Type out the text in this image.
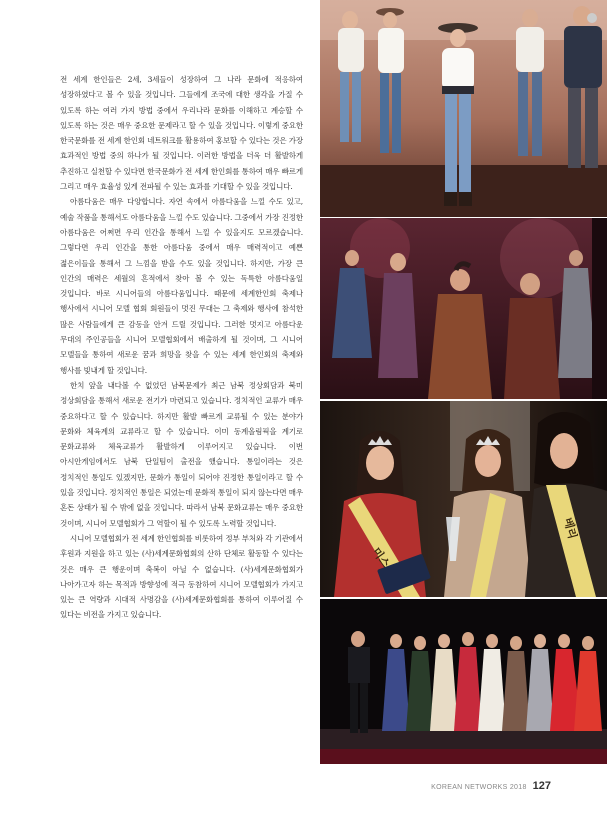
전 세계 한인들은 2세, 3세들이 성장하여 그 나라 문화에 적응하여 성장하였다고 볼 수 있을 것입니다. 그들에게 조국에 대한 생각을 가질 수 있도록 하는 여러 가지 방법 중에서 우리나라 문화를 이해하고 계승할 수 있도록 하는 것은 매우 중요한 문제라고 할 수 있을 것입니다. 이렇게 중요한 한국문화를 전 세계 한인회 네트워크를 활용하여 홍보할 수 있다는 것은 가장 효과적인 방법 중의 하나가 될 것입니다. 이러한 방법을 더욱 더 활발하게 추진하고 실천할 수 있다면 한국문화가 전 세계 한인회를 통하여 매우 빠르게 그리고 매우 효율성 있게 전파될 수 있는 효과를 기대할 수 있을 것입니다.

아름다움은 매우 다양합니다. 자연 속에서 아름다움을 느낄 수도 있고, 예술 작품을 통해서도 아름다움을 느낄 수도 있습니다. 그중에서 가장 진정한 아름다움은 어쩌면 우리 인간을 통해서 느낄 수 있을지도 모르겠습니다. 그렇다면 우리 인간을 통한 아름다움 중에서 매우 매력적이고 예쁜 젊은이들을 통해서 그 느낌을 받을 수도 있을 것입니다. 하지만, 가장 큰 인간의 매력은 세월의 흔적에서 찾아 볼 수 있는 독특한 아름다움일 것입니다. 바로 시니어들의 아름다움입니다. 때문에 세계한인회 축제나 행사에서 시니어 모델 협회 회원들이 멋진 무대는 그 축제와 행사에 참석한 많은 사람들에게 큰 감동을 안겨 드릴 것입니다. 그러한 멋지고 아름다운 무대의 주인공들을 시니어 모델협회에서 배출하게 될 것이며, 그 시니어 모델들을 통하여 새로운 꿈과 희망을 찾을 수 있는 세계 한인회의 축제와 행사를 빛내게 할 것입니다.

한치 앞을 내다볼 수 없었던 남북문제가 최근 남북 정상회담과 북미 정상회담을 통해서 새로운 전기가 마련되고 있습니다. 정치적인 교류가 매우 중요하다고 할 수 있습니다. 하지만 활발 빠르게 교류될 수 있는 분야가 문화와 체육계의 교류라고 할 수 있습니다. 이미 동계올림픽을 계기로 문화교류와 체육교류가 활발하게 이루어지고 있습니다. 이번 아시안게임에서도 남북 단일팀이 출전을 했습니다. 통일이라는 것은 정치적인 통일도 있겠지만, 문화가 통일이 되어야 진정한 통일이라고 할 수 있을 것입니다. 정치적인 통일은 되었는데 문화적 통일이 되지 않는다면 매우 혼돈 상태가 될 수 밖에 없을 것입니다. 따라서 남북 문화교류는 매우 중요한 것이며, 시니어 모델협회가 그 역할이 될 수 있도록 노력할 것입니다.

시니어 모델협회가 전 세계 한인협회를 비롯하여 정부 부처와 각 기관에서 후원과 지원을 하고 있는 (사)세계문화협회의 산하 단체로 활동할 수 있다는 것은 매우 큰 행운이며 축복이 아닐 수 없습니다. (사)세계문화협회가 나아가고자 하는 목적과 방향성에 적극 동참하여 시니어 모델협회가 가지고 있는 큰 역량과 시대적 사명감을 (사)세계문화협회를 통하여 이루어질 수 있다는 비전을 가지고 있습니다.

미스
베리
KOREAN NETWORKS 2018 127
